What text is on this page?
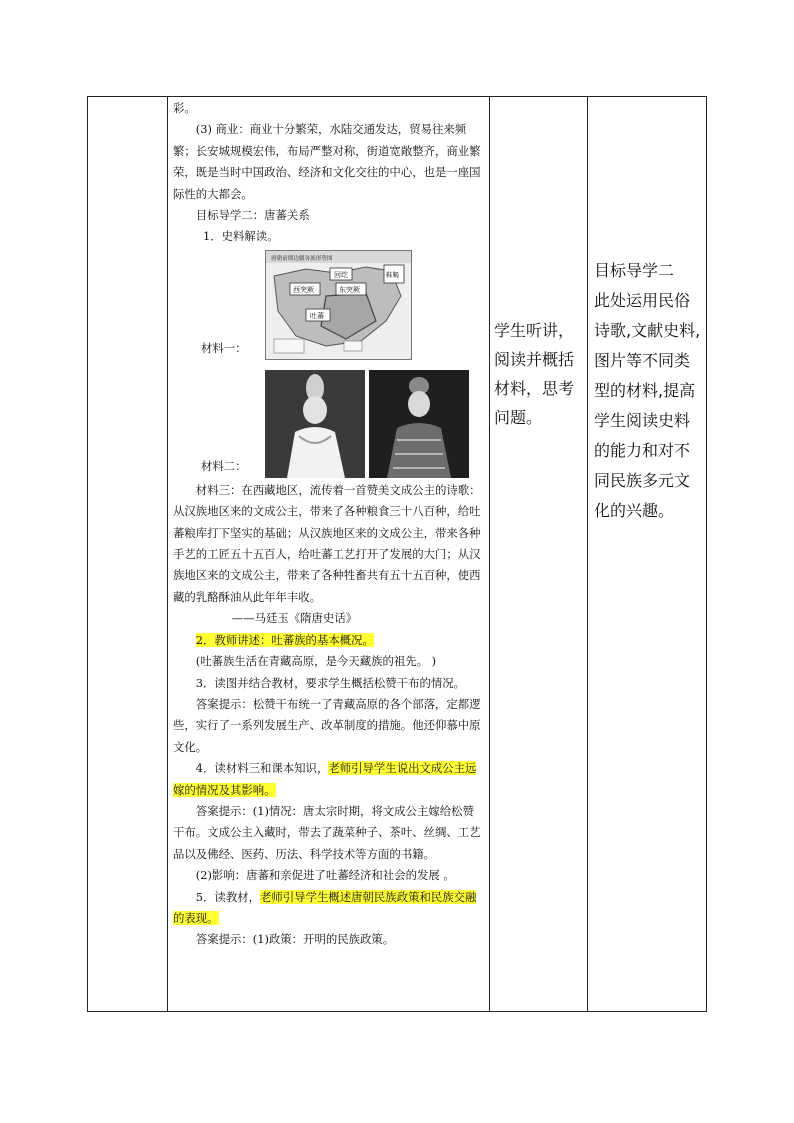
彩。

(3) 商业：商业十分繁荣，水陆交通发达，贸易往来频繁；长安城规模宏伟，布局严整对称，街道宽敞整齐，商业繁荣，既是当时中国政治、经济和文化交往的中心，也是一座国际性的大都会。

目标导学二：唐蕃关系

1．史料解读。

材料一：
唐朝前期边疆各族形势图
回纥
西突厥	东突厥
靺鞨
吐蕃
材料二：

材料三：在西藏地区，流传着一首赞美文成公主的诗歌：从汉族地区来的文成公主，带来了各种粮食三十八百种，给吐蕃粮库打下坚实的基础；从汉族地区来的文成公主，带来各种手艺的工匠五十五百人，给吐蕃工艺打开了发展的大门；从汉族地区来的文成公主，带来了各种牲畜共有五十五百种，使西藏的乳酪酥油从此年年丰收。

——马廷玉《隋唐史话》

2．教师讲述：吐蕃族的基本概况。

(吐蕃族生活在青藏高原，是今天藏族的祖先。 )

3．读图并结合教材，要求学生概括松赞干布的情况。

答案提示：松赞干布统一了青藏高原的各个部落，定都逻些，实行了一系列发展生产、改革制度的措施。他还仰慕中原文化。

4．读材料三和课本知识，老师引导学生说出文成公主远嫁的情况及其影响。

答案提示：(1)情况：唐太宗时期，将文成公主嫁给松赞干布。文成公主入藏时，带去了蔬菜种子、茶叶、丝绸、工艺品以及佛经、医药、历法、科学技术等方面的书籍。

(2)影响：唐蕃和亲促进了吐蕃经济和社会的发展 。

5．读教材，老师引导学生概述唐朝民族政策和民族交融的表现。

答案提示：(1)政策：开明的民族政策。

学生听讲，阅读并概括材料，思考问题。
目标导学二
此处运用民俗诗歌,文献史料,图片等不同类型的材料,提高学生阅读史料的能力和对不同民族多元文化的兴趣。
